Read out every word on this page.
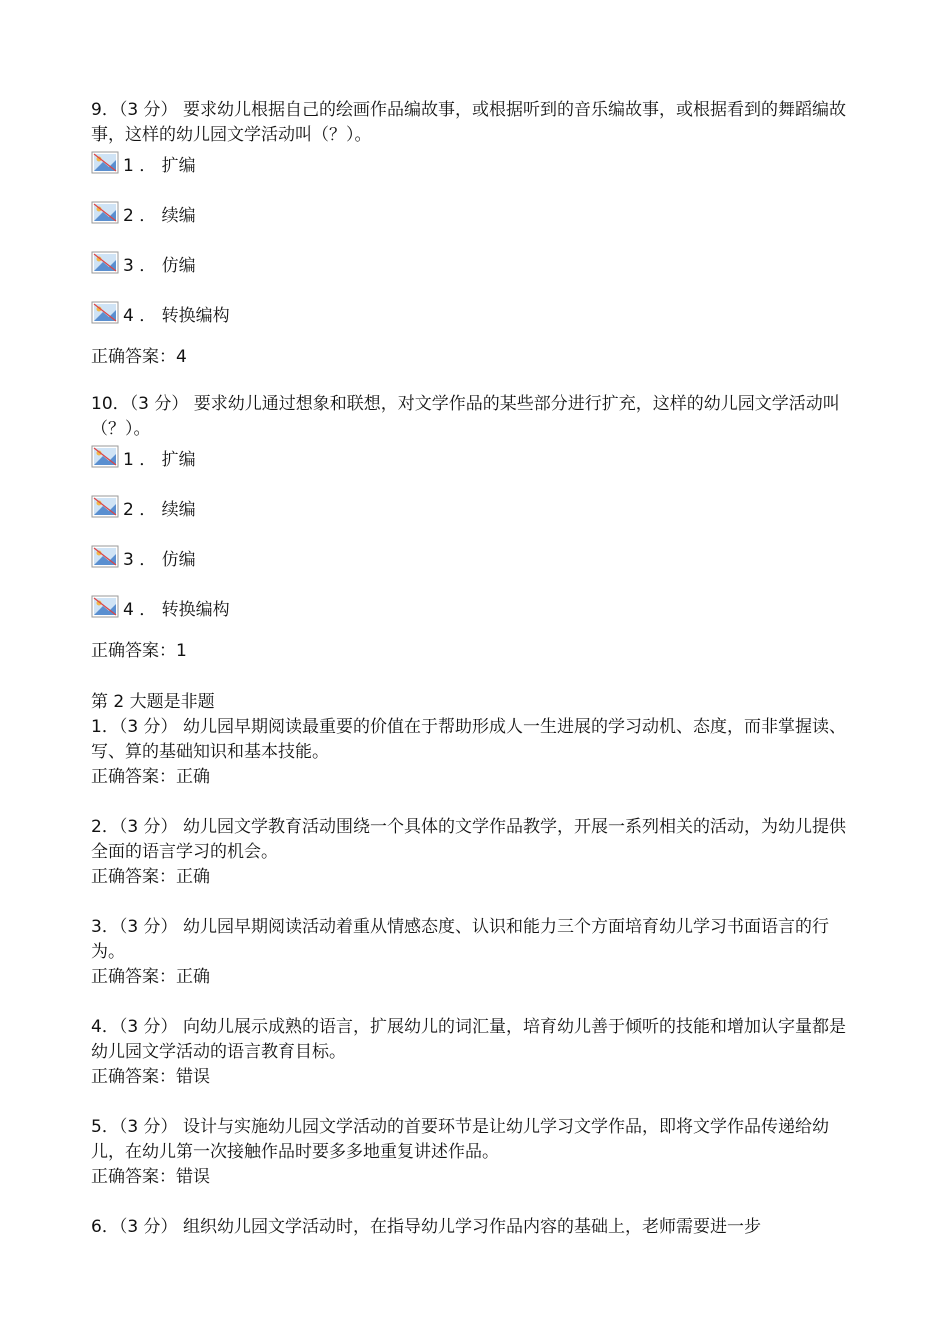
9．（3 分） 要求幼儿根据自己的绘画作品编故事，或根据听到的音乐编故事，或根据看到的舞蹈编故事，这样的幼儿园文学活动叫（？）。

1 ． 扩编
2 ． 续编
3 ． 仿编
4 ． 转换编构

正确答案：4

10．（3 分） 要求幼儿通过想象和联想，对文学作品的某些部分进行扩充，这样的幼儿园文学活动叫（？）。

1 ． 扩编
2 ． 续编
3 ． 仿编
4 ． 转换编构

正确答案：1

第 2 大题是非题

1．（3 分） 幼儿园早期阅读最重要的价值在于帮助形成人一生进展的学习动机、态度，而非掌握读、写、算的基础知识和基本技能。

正确答案：正确

2．（3 分） 幼儿园文学教育活动围绕一个具体的文学作品教学，开展一系列相关的活动，为幼儿提供全面的语言学习的机会。

正确答案：正确

3．（3 分） 幼儿园早期阅读活动着重从情感态度、认识和能力三个方面培育幼儿学习书面语言的行为。

正确答案：正确

4．（3 分） 向幼儿展示成熟的语言，扩展幼儿的词汇量，培育幼儿善于倾听的技能和增加认字量都是幼儿园文学活动的语言教育目标。

正确答案：错误

5．（3 分） 设计与实施幼儿园文学活动的首要环节是让幼儿学习文学作品，即将文学作品传递给幼儿，在幼儿第一次接触作品时要多多地重复讲述作品。

正确答案：错误

6．（3 分） 组织幼儿园文学活动时，在指导幼儿学习作品内容的基础上，老师需要进一步
